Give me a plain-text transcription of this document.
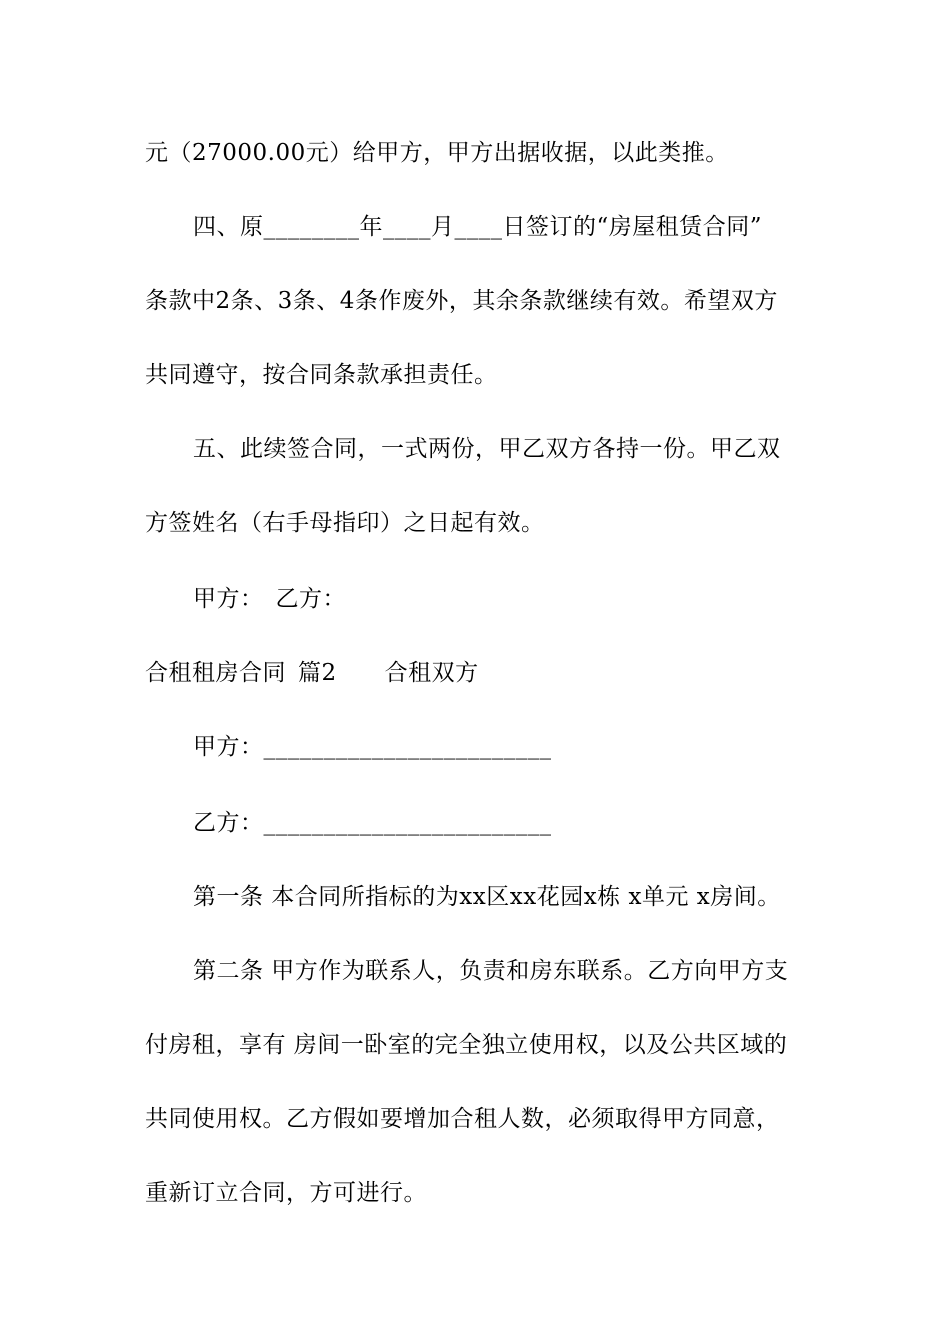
元（27000.00元）给甲方，甲方出据收据，以此类推。
四、原________年____月____日签订的“房屋租赁合同”
条款中2条、3条、4条作废外，其余条款继续有效。希望双方
共同遵守，按合同条款承担责任。
五、此续签合同，一式两份，甲乙双方各持一份。甲乙双
方签姓名（右手母指印）之日起有效。
甲方： 乙方：
合租租房合同 篇2 合租双方
甲方：________________________
乙方：________________________
第一条 本合同所指标的为xx区xx花园x栋 x单元 x房间。
第二条 甲方作为联系人，负责和房东联系。乙方向甲方支
付房租，享有 房间一卧室的完全独立使用权，以及公共区域的
共同使用权。乙方假如要增加合租人数，必须取得甲方同意，
重新订立合同，方可进行。
